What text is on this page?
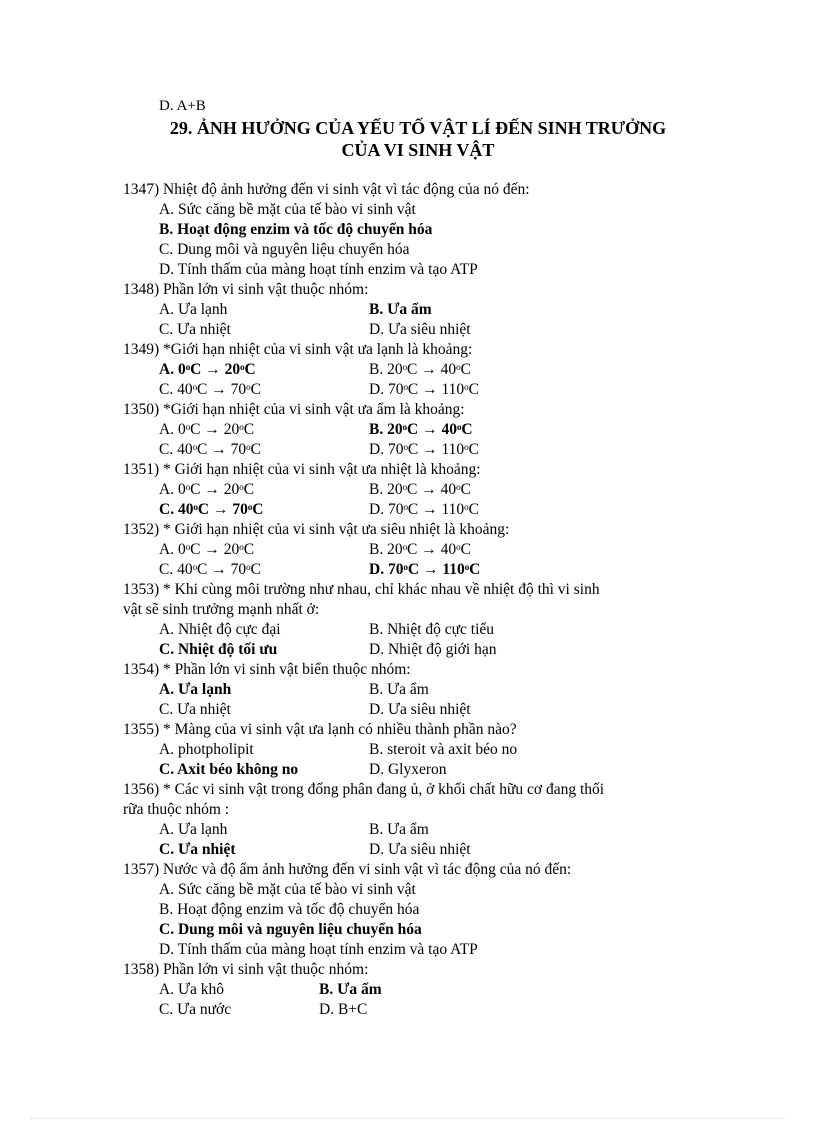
D. A+B
29. ẢNH HƯỞNG CỦA YẾU TỐ VẬT LÍ ĐẾN SINH TRƯỞNG
CỦA VI SINH VẬT
1347) Nhiệt độ ảnh hưởng đến vi sinh vật vì tác động của nó đến:
A. Sức căng bề mặt của tế bào vi sinh vật
B. Hoạt động enzim và tốc độ chuyển hóa
C. Dung môi và nguyên liệu chuyển hóa
D. Tính thấm của màng hoạt tính enzim và tạo ATP
1348) Phần lớn vi sinh vật thuộc nhóm:
A. Ưa lạnh	B. Ưa ẩm
C. Ưa nhiệt	D. Ưa siêu nhiệt
1349) *Giới hạn nhiệt của vi sinh vật ưa lạnh là khoảng:
A. 0ᵒC → 20ᵒC	B. 20ᵒC → 40ᵒC
C. 40ᵒC → 70ᵒC	D. 70ᵒC → 110ᵒC
1350) *Giới hạn nhiệt của vi sinh vật ưa ẩm là khoảng:
A. 0ᵒC → 20ᵒC	B. 20ᵒC → 40ᵒC
C. 40ᵒC → 70ᵒC	D. 70ᵒC → 110ᵒC
1351) * Giới hạn nhiệt của vi sinh vật ưa nhiệt là khoảng:
A. 0ᵒC → 20ᵒC	B. 20ᵒC → 40ᵒC
C. 40ᵒC → 70ᵒC	D. 70ᵒC → 110ᵒC
1352) * Giới hạn nhiệt của vi sinh vật ưa siêu nhiệt là khoảng:
A. 0ᵒC → 20ᵒC	B. 20ᵒC → 40ᵒC
C. 40ᵒC → 70ᵒC	D. 70ᵒC → 110ᵒC
1353) * Khi cùng môi trường như nhau, chỉ khác nhau về nhiệt độ thì vi sinh
vật sẽ sinh trưởng mạnh nhất ở:
A. Nhiệt độ cực đại	B. Nhiệt độ cực tiểu
C. Nhiệt độ tối ưu	D. Nhiệt độ giới hạn
1354) * Phần lớn vi sinh vật biển thuộc nhóm:
A. Ưa lạnh	B. Ưa ẩm
C. Ưa nhiệt	D. Ưa siêu nhiệt
1355) * Màng của vi sinh vật ưa lạnh có nhiều thành phần nào?
A. photpholipit	B. steroit và axit béo no
C. Axit béo không no	D. Glyxeron
1356) * Các vi sinh vật trong đống phân đang ủ, ở khối chất hữu cơ đang thối
rữa thuộc nhóm :
A. Ưa lạnh	B. Ưa ẩm
C. Ưa nhiệt	D. Ưa siêu nhiệt
1357) Nước và độ ẩm ảnh hưởng đến vi sinh vật vì tác động của nó đến:
A. Sức căng bề mặt của tế bào vi sinh vật
B. Hoạt động enzim và tốc độ chuyển hóa
C. Dung môi và nguyên liệu chuyển hóa
D. Tính thấm của màng hoạt tính enzim và tạo ATP
1358) Phần lớn vi sinh vật thuộc nhóm:
A. Ưa khô	B. Ưa ẩm
C. Ưa nước	D. B+C
